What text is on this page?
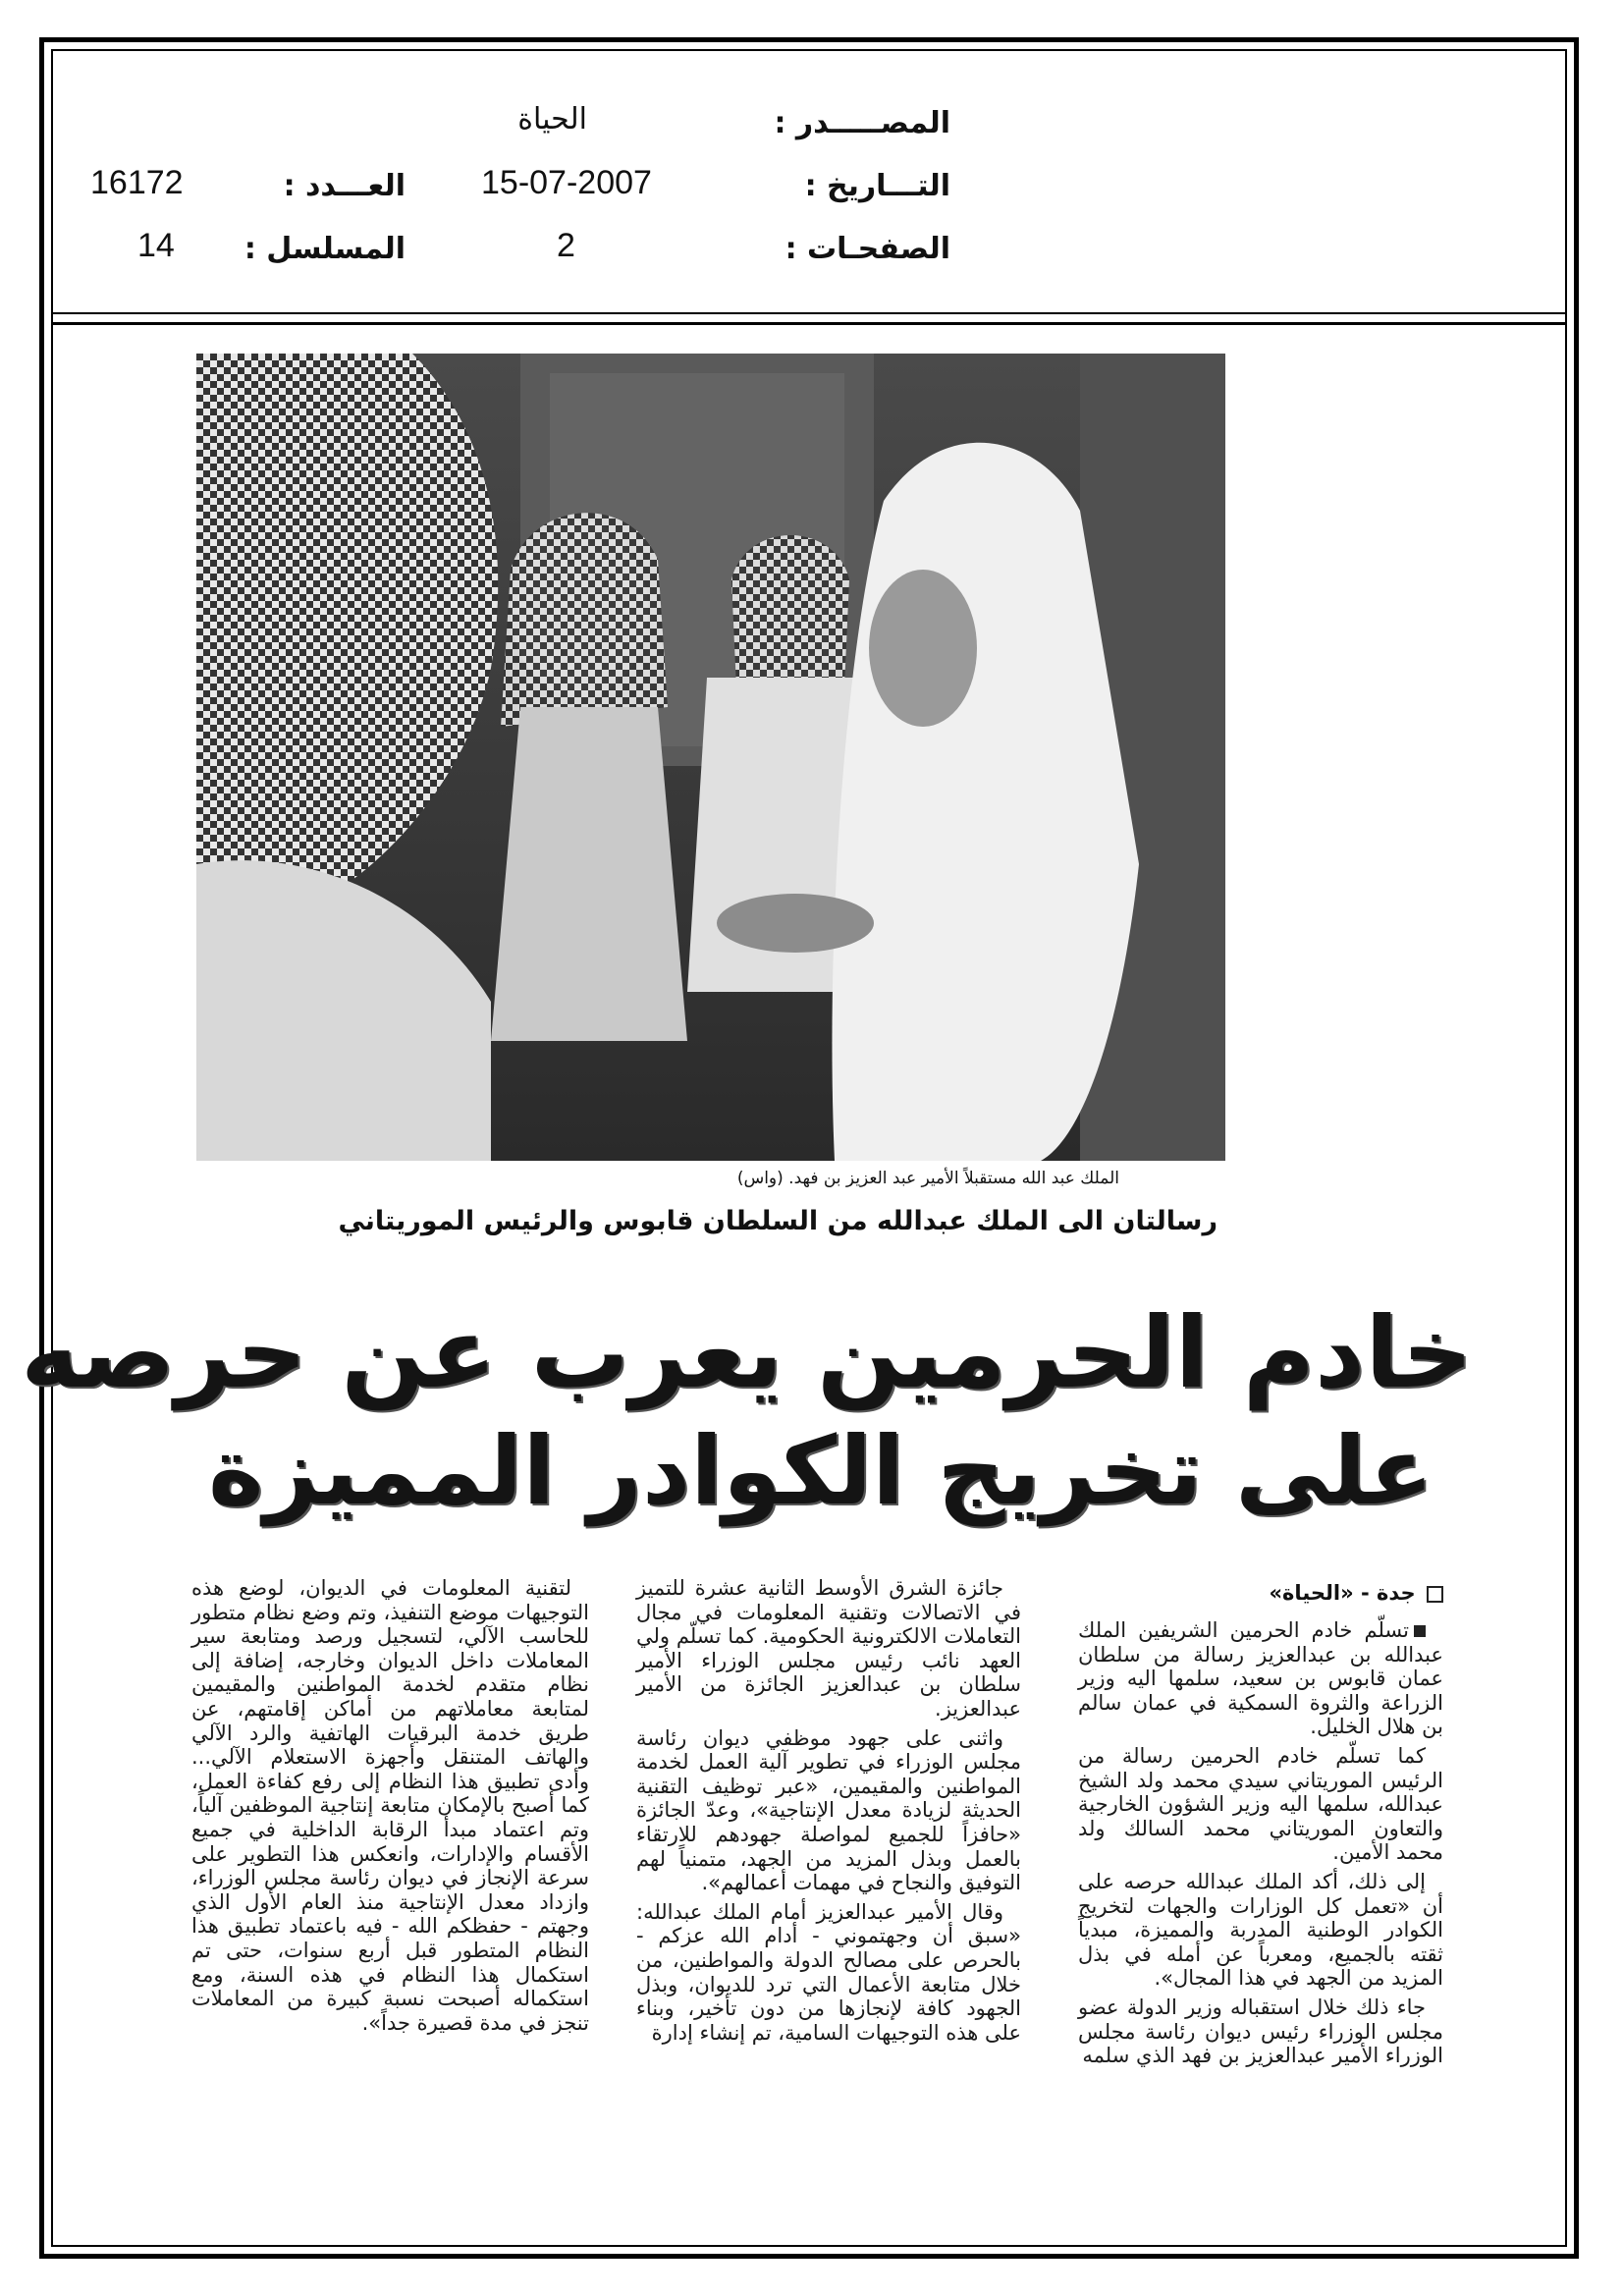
المصـــــدر :
الحياة
التـــاريخ :
15-07-2007
الصفحـات :
2
العـــدد :
16172
المسلسل :
14
الملك عبد الله مستقبلاً الأمير عبد العزيز بن فهد. (واس)
رسالتان الى الملك عبدالله من السلطان قابوس والرئيس الموريتاني
خادم الحرمين يعرب عن حرصه
على تخريج الكوادر المميزة
جدة - «الحياة»

تسلّم خادم الحرمين الشريفين الملك عبدالله بن عبدالعزيز رسالة من سلطان عمان قابوس بن سعيد، سلمها اليه وزير الزراعة والثروة السمكية في عمان سالم بن هلال الخليل.

كما تسلّم خادم الحرمين رسالة من الرئيس الموريتاني سيدي محمد ولد الشيخ عبدالله، سلمها اليه وزير الشؤون الخارجية والتعاون الموريتاني محمد السالك ولد محمد الأمين.

إلى ذلك، أكد الملك عبدالله حرصه على أن «تعمل كل الوزارات والجهات لتخريج الكوادر الوطنية المدربة والمميزة، مبدياً ثقته بالجميع، ومعرباً عن أمله في بذل المزيد من الجهد في هذا المجال».

جاء ذلك خلال استقباله وزير الدولة عضو مجلس الوزراء رئيس ديوان رئاسة مجلس الوزراء الأمير عبدالعزيز بن فهد الذي سلمه

جائزة الشرق الأوسط الثانية عشرة للتميز في الاتصالات وتقنية المعلومات في مجال التعاملات الالكترونية الحكومية. كما تسلّم ولي العهد نائب رئيس مجلس الوزراء الأمير سلطان بن عبدالعزيز الجائزة من الأمير عبدالعزيز.

واثنى على جهود موظفي ديوان رئاسة مجلس الوزراء في تطوير آلية العمل لخدمة المواطنين والمقيمين، «عبر توظيف التقنية الحديثة لزيادة معدل الإنتاجية»، وعدّ الجائزة «حافزاً للجميع لمواصلة جهودهم للارتقاء بالعمل وبذل المزيد من الجهد، متمنياً لهم التوفيق والنجاح في مهمات أعمالهم».

وقال الأمير عبدالعزيز أمام الملك عبدالله: «سبق أن وجهتموني - أدام الله عزكم - بالحرص على مصالح الدولة والمواطنين، من خلال متابعة الأعمال التي ترد للديوان، وبذل الجهود كافة لإنجازها من دون تأخير، وبناء على هذه التوجيهات السامية، تم إنشاء إدارة

لتقنية المعلومات في الديوان، لوضع هذه التوجيهات موضع التنفيذ، وتم وضع نظام متطور للحاسب الآلي، لتسجيل ورصد ومتابعة سير المعاملات داخل الديوان وخارجه، إضافة إلى نظام متقدم لخدمة المواطنين والمقيمين لمتابعة معاملاتهم من أماكن إقامتهم، عن طريق خدمة البرقيات الهاتفية والرد الآلي والهاتف المتنقل وأجهزة الاستعلام الآلي... وأدى تطبيق هذا النظام إلى رفع كفاءة العمل، كما أصبح بالإمكان متابعة إنتاجية الموظفين آلياً، وتم اعتماد مبدأ الرقابة الداخلية في جميع الأقسام والإدارات، وانعكس هذا التطوير على سرعة الإنجاز في ديوان رئاسة مجلس الوزراء، وازداد معدل الإنتاجية منذ العام الأول الذي وجهتم - حفظكم الله - فيه باعتماد تطبيق هذا النظام المتطور قبل أربع سنوات، حتى تم استكمال هذا النظام في هذه السنة، ومع استكماله أصبحت نسبة كبيرة من المعاملات تنجز في مدة قصيرة جداً».
